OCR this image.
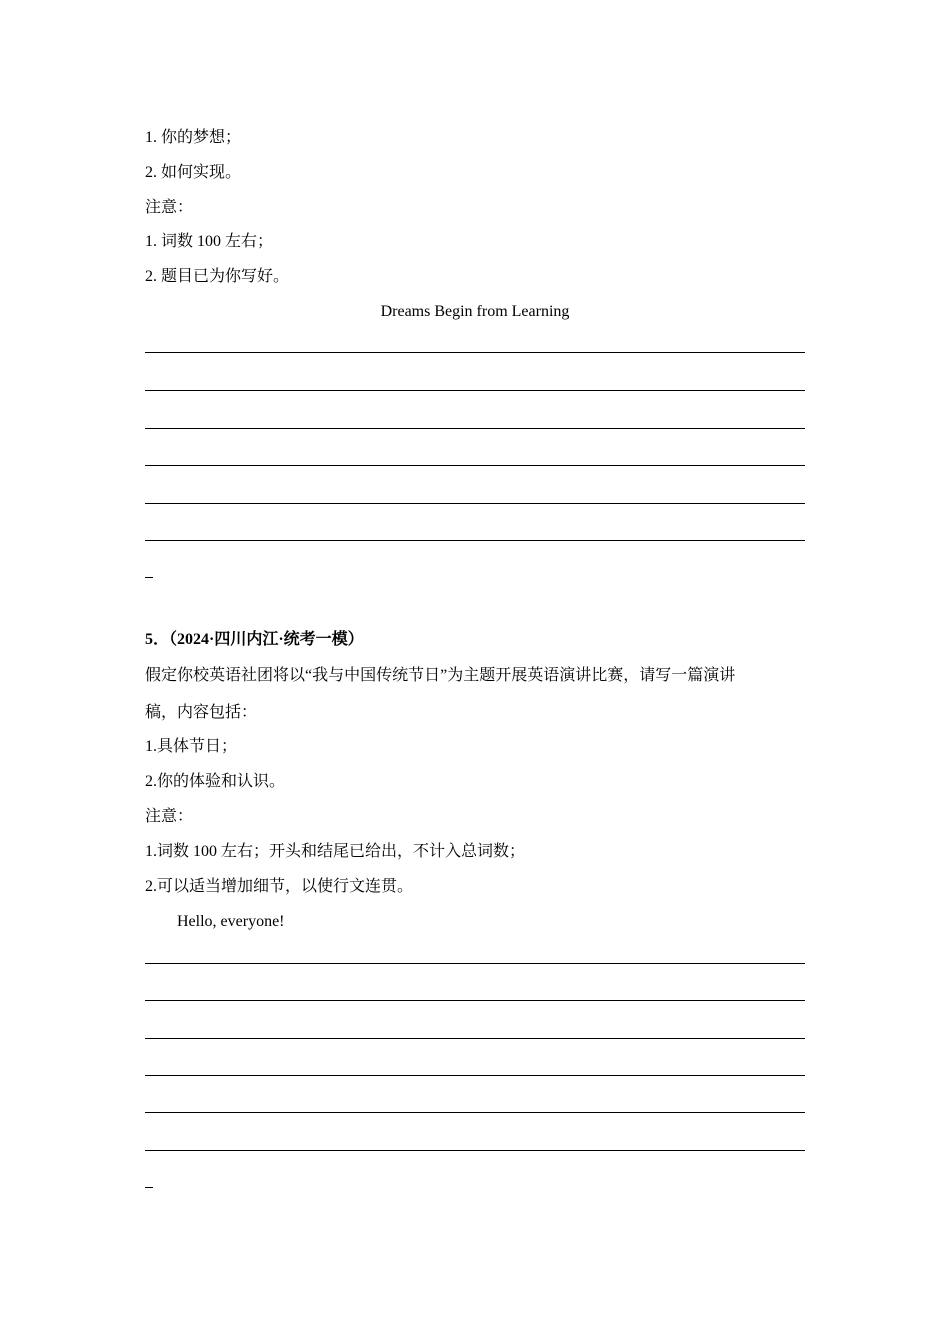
1. 你的梦想；
2. 如何实现。
注意：
1. 词数 100 左右；
2. 题目已为你写好。
Dreams Begin from Learning
5．（2024·四川内江·统考一模）
假定你校英语社团将以“我与中国传统节日”为主题开展英语演讲比赛，请写一篇演讲
稿，内容包括：
1.具体节日；
2.你的体验和认识。
注意：
1.词数 100 左右；开头和结尾已给出，不计入总词数；
2.可以适当增加细节，以使行文连贯。
Hello, everyone!
